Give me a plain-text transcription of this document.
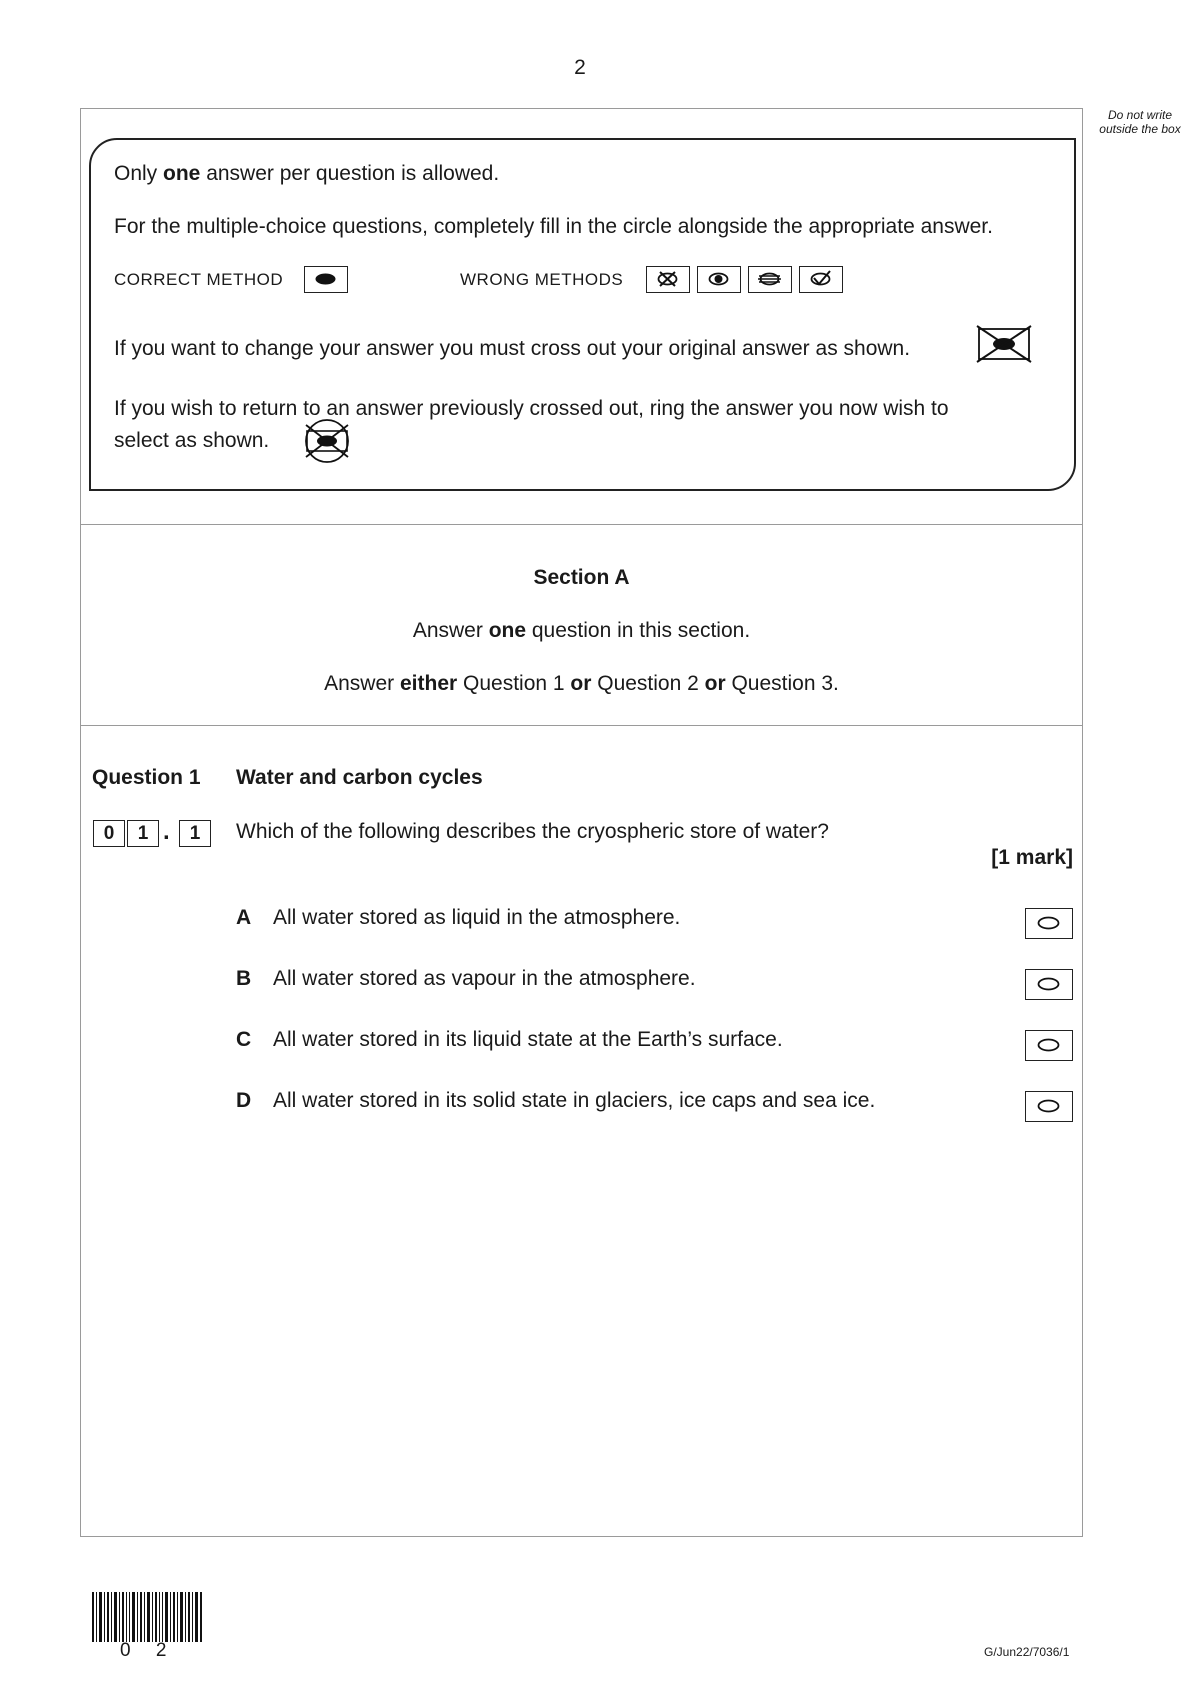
2
Do not write outside the box
Only one answer per question is allowed.
For the multiple-choice questions, completely fill in the circle alongside the appropriate answer.
CORRECT METHOD	WRONG METHODS
If you want to change your answer you must cross out your original answer as shown.
If you wish to return to an answer previously crossed out, ring the answer you now wish to
select as shown.
Section A
Answer one question in this section.
Answer either Question 1 or Question 2 or Question 3.
Question 1 Water and carbon cycles
0	1 .	1	Which of the following describes the cryospheric store of water?
[1 mark]
A All water stored as liquid in the atmosphere.
B All water stored as vapour in the atmosphere.
C All water stored in its liquid state at the Earth’s surface.
D All water stored in its solid state in glaciers, ice caps and sea ice.
0 2	G/Jun22/7036/1
